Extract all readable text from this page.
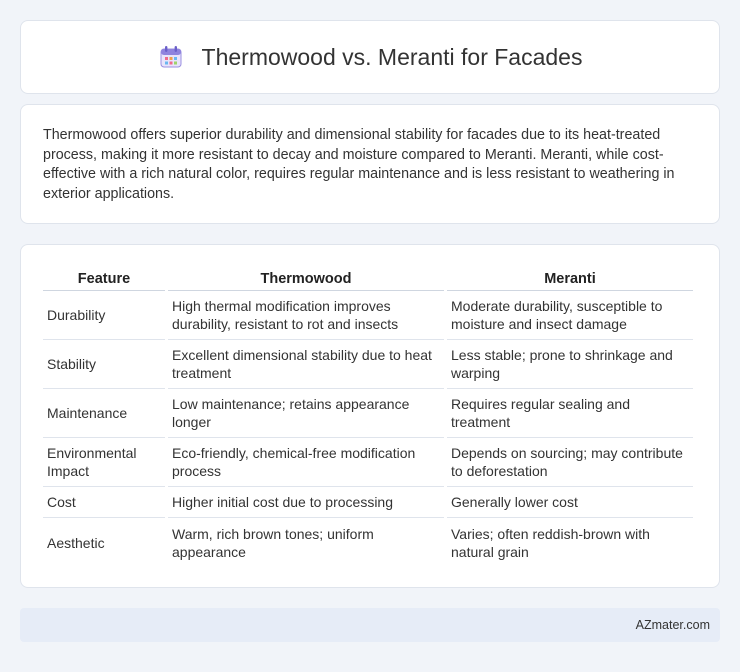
Thermowood vs. Meranti for Facades

Thermowood offers superior durability and dimensional stability for facades due to its heat-treated process, making it more resistant to decay and moisture compared to Meranti. Meranti, while cost-effective with a rich natural color, requires regular maintenance and is less resistant to weathering in exterior applications.

Feature	Thermowood	Meranti
Durability	High thermal modification improves durability, resistant to rot and insects	Moderate durability, susceptible to moisture and insect damage
Stability	Excellent dimensional stability due to heat treatment	Less stable; prone to shrinkage and warping
Maintenance	Low maintenance; retains appearance longer	Requires regular sealing and treatment
Environmental Impact	Eco-friendly, chemical-free modification process	Depends on sourcing; may contribute to deforestation
Cost	Higher initial cost due to processing	Generally lower cost
Aesthetic	Warm, rich brown tones; uniform appearance	Varies; often reddish-brown with natural grain
AZmater.com
